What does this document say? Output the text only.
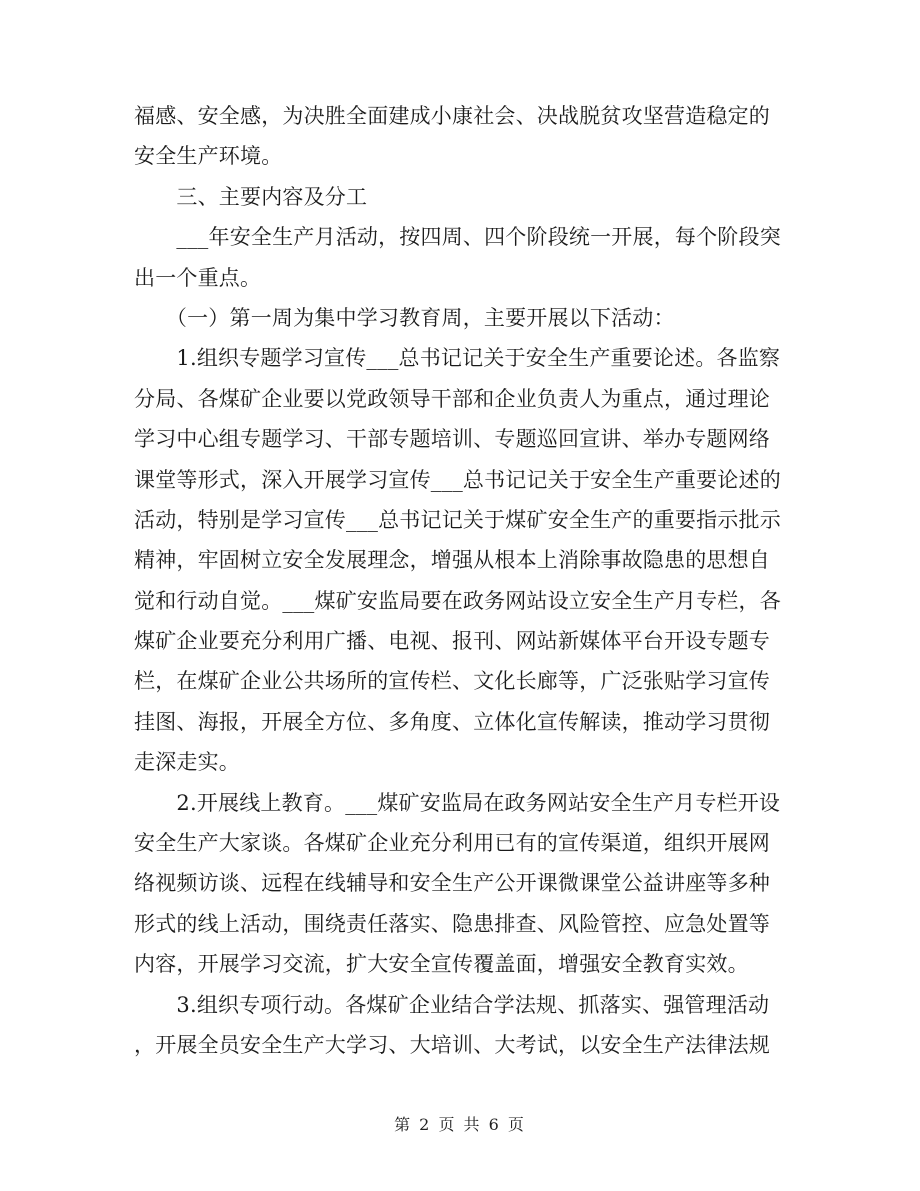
福感、安全感，为决胜全面建成小康社会、决战脱贫攻坚营造稳定的
安全生产环境。
　　三、主要内容及分工
　　___年安全生产月活动，按四周、四个阶段统一开展，每个阶段突
出一个重点。
　　（一）第一周为集中学习教育周，主要开展以下活动：
　　1.组织专题学习宣传___总书记记关于安全生产重要论述。各监察
分局、各煤矿企业要以党政领导干部和企业负责人为重点，通过理论
学习中心组专题学习、干部专题培训、专题巡回宣讲、举办专题网络
课堂等形式，深入开展学习宣传___总书记记关于安全生产重要论述的
活动，特别是学习宣传___总书记记关于煤矿安全生产的重要指示批示
精神，牢固树立安全发展理念，增强从根本上消除事故隐患的思想自
觉和行动自觉。___煤矿安监局要在政务网站设立安全生产月专栏，各
煤矿企业要充分利用广播、电视、报刊、网站新媒体平台开设专题专
栏，在煤矿企业公共场所的宣传栏、文化长廊等，广泛张贴学习宣传
挂图、海报，开展全方位、多角度、立体化宣传解读，推动学习贯彻
走深走实。
　　2.开展线上教育。___煤矿安监局在政务网站安全生产月专栏开设
安全生产大家谈。各煤矿企业充分利用已有的宣传渠道，组织开展网
络视频访谈、远程在线辅导和安全生产公开课微课堂公益讲座等多种
形式的线上活动，围绕责任落实、隐患排查、风险管控、应急处置等
内容，开展学习交流，扩大安全宣传覆盖面，增强安全教育实效。
　　3.组织专项行动。各煤矿企业结合学法规、抓落实、强管理活动
，开展全员安全生产大学习、大培训、大考试，以安全生产法律法规
第 2 页 共 6 页
